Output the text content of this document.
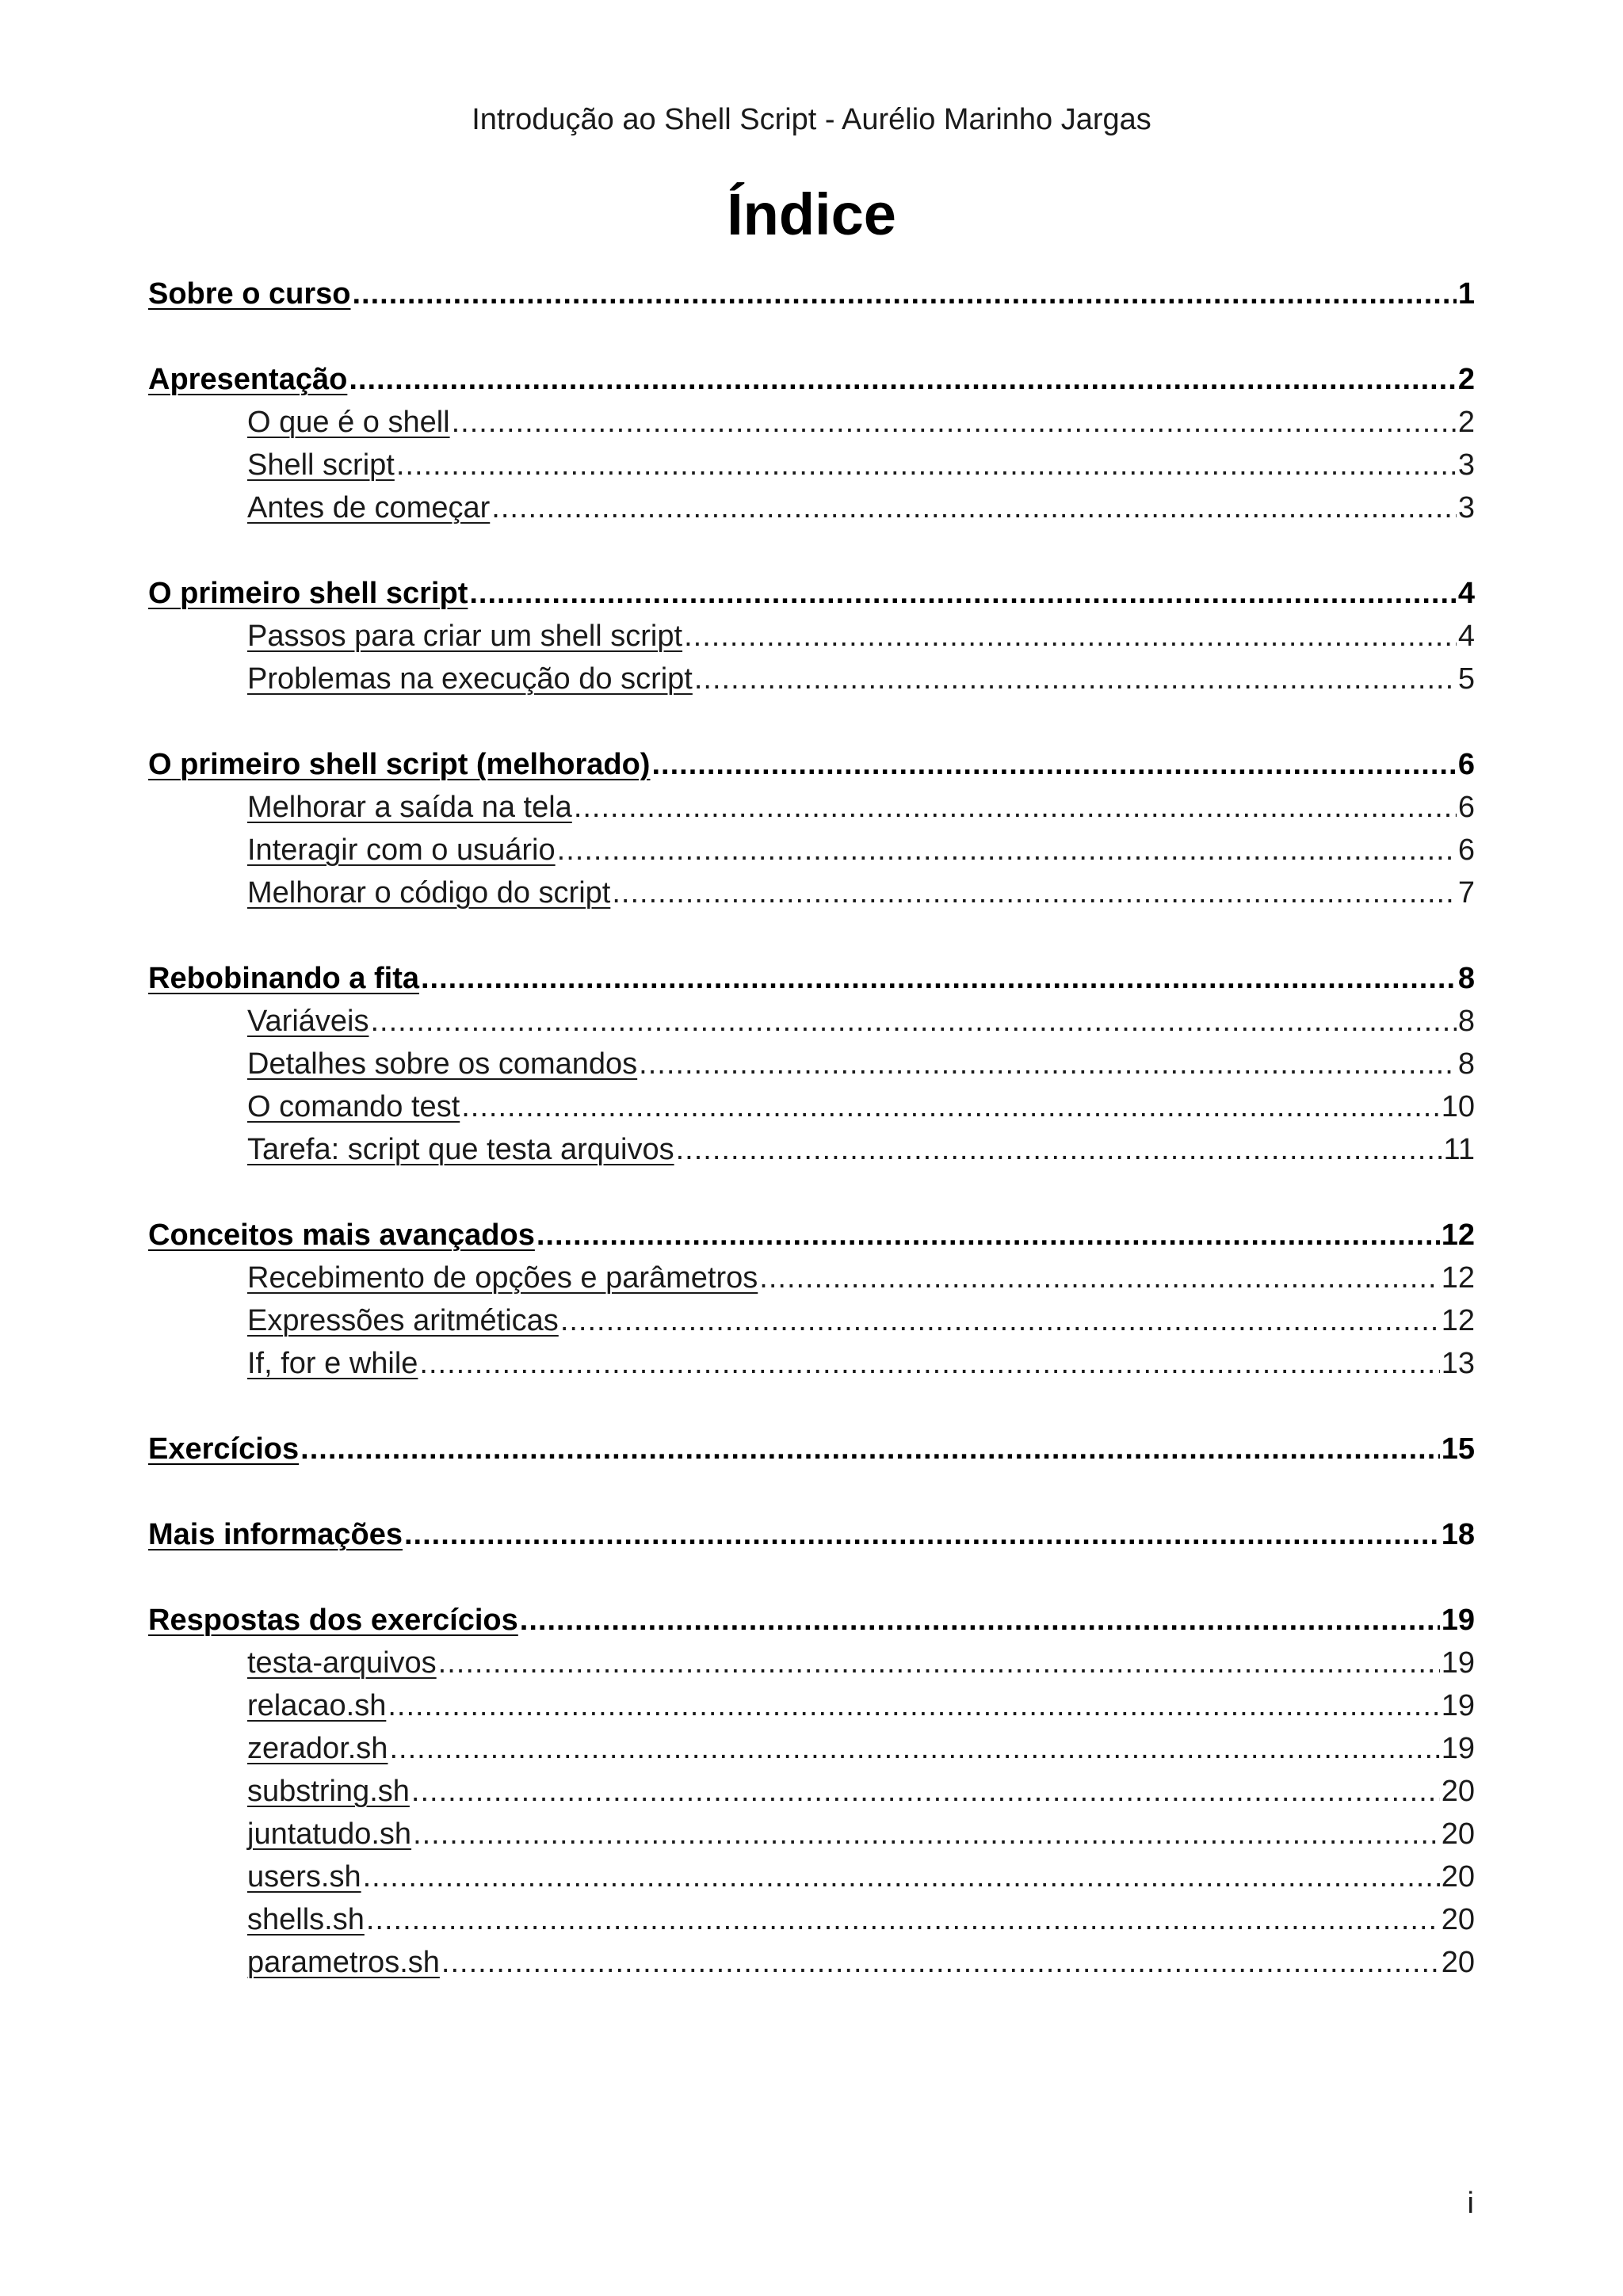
Introdução ao Shell Script - Aurélio Marinho Jargas
Índice
Sobre o curso .....	1
Apresentação .....	2
O que é o shell .....	2
Shell script .....	3
Antes de começar .....	3
O primeiro shell script .....	4
Passos para criar um shell script .....	4
Problemas na execução do script .....	5
O primeiro shell script (melhorado) .....	6
Melhorar a saída na tela .....	6
Interagir com o usuário .....	6
Melhorar o código do script .....	7
Rebobinando a fita .....	8
Variáveis .....	8
Detalhes sobre os comandos .....	8
O comando test .....	10
Tarefa: script que testa arquivos .....	11
Conceitos mais avançados .....	12
Recebimento de opções e parâmetros .....	12
Expressões aritméticas .....	12
If, for e while .....	13
Exercícios .....	15
Mais informações .....	18
Respostas dos exercícios .....	19
testa-arquivos .....	19
relacao.sh .....	19
zerador.sh .....	19
substring.sh .....	20
juntatudo.sh .....	20
users.sh .....	20
shells.sh .....	20
parametros.sh .....	20
i
